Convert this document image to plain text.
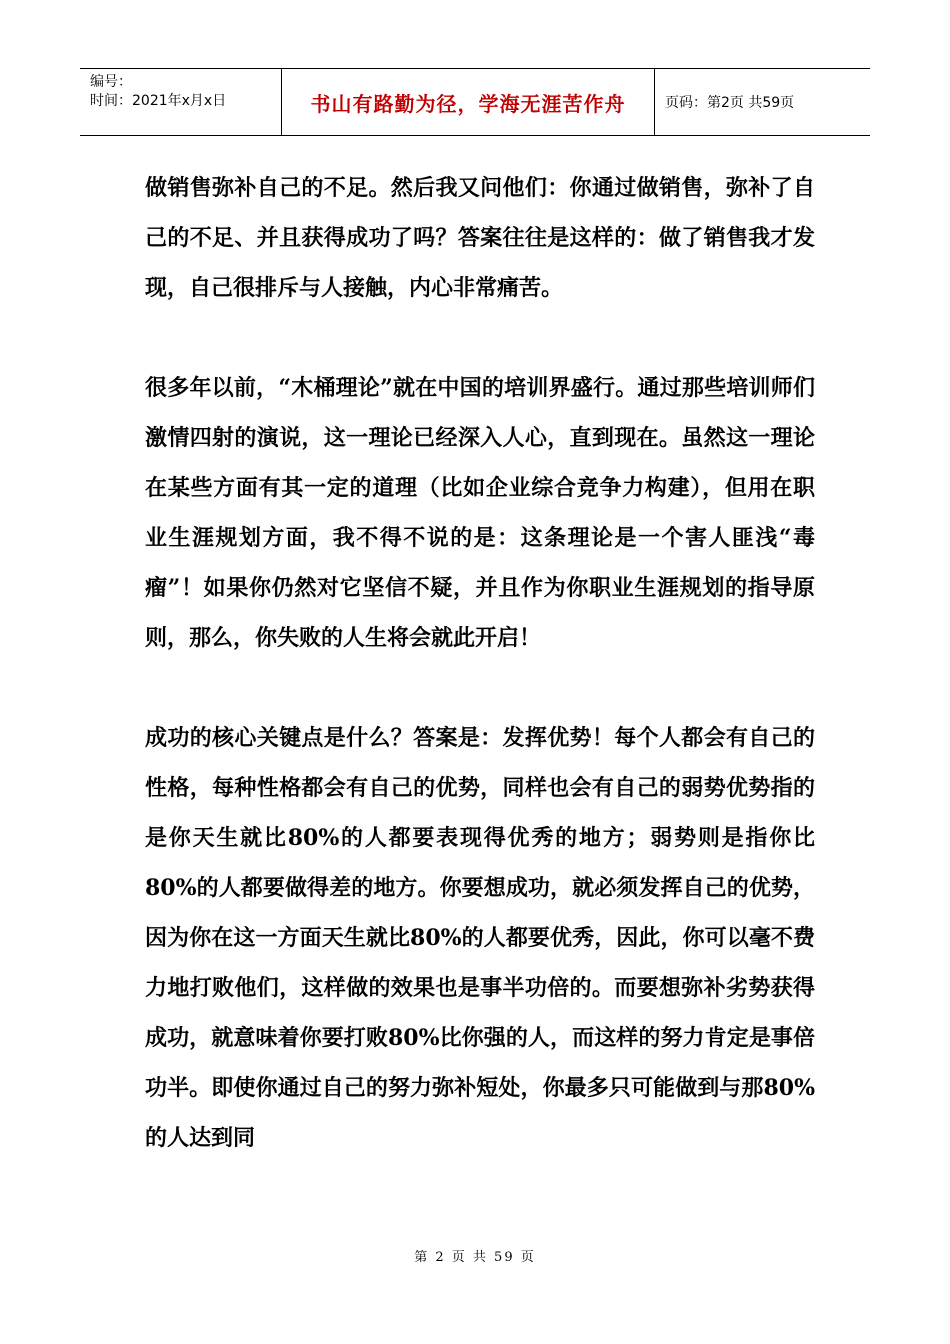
编号：
时间：2021年x月x日	书山有路勤为径，学海无涯苦作舟	页码：第2页 共59页

做销售弥补自己的不足。然后我又问他们：你通过做销售，弥补了自己的不足、并且获得成功了吗？答案往往是这样的：做了销售我才发现，自己很排斥与人接触，内心非常痛苦。

很多年以前，“木桶理论”就在中国的培训界盛行。通过那些培训师们激情四射的演说，这一理论已经深入人心，直到现在。虽然这一理论在某些方面有其一定的道理（比如企业综合竞争力构建），但用在职业生涯规划方面，我不得不说的是：这条理论是一个害人匪浅“毒瘤”！如果你仍然对它坚信不疑，并且作为你职业生涯规划的指导原则，那么，你失败的人生将会就此开启！

成功的核心关键点是什么？答案是：发挥优势！每个人都会有自己的性格，每种性格都会有自己的优势，同样也会有自己的弱势优势指的是你天生就比80%的人都要表现得优秀的地方；弱势则是指你比80%的人都要做得差的地方。你要想成功，就必须发挥自己的优势，因为你在这一方面天生就比80%的人都要优秀，因此，你可以毫不费力地打败他们，这样做的效果也是事半功倍的。而要想弥补劣势获得成功，就意味着你要打败80%比你强的人，而这样的努力肯定是事倍功半。即使你通过自己的努力弥补短处，你最多只可能做到与那80%的人达到同

第 2 页 共 59 页
